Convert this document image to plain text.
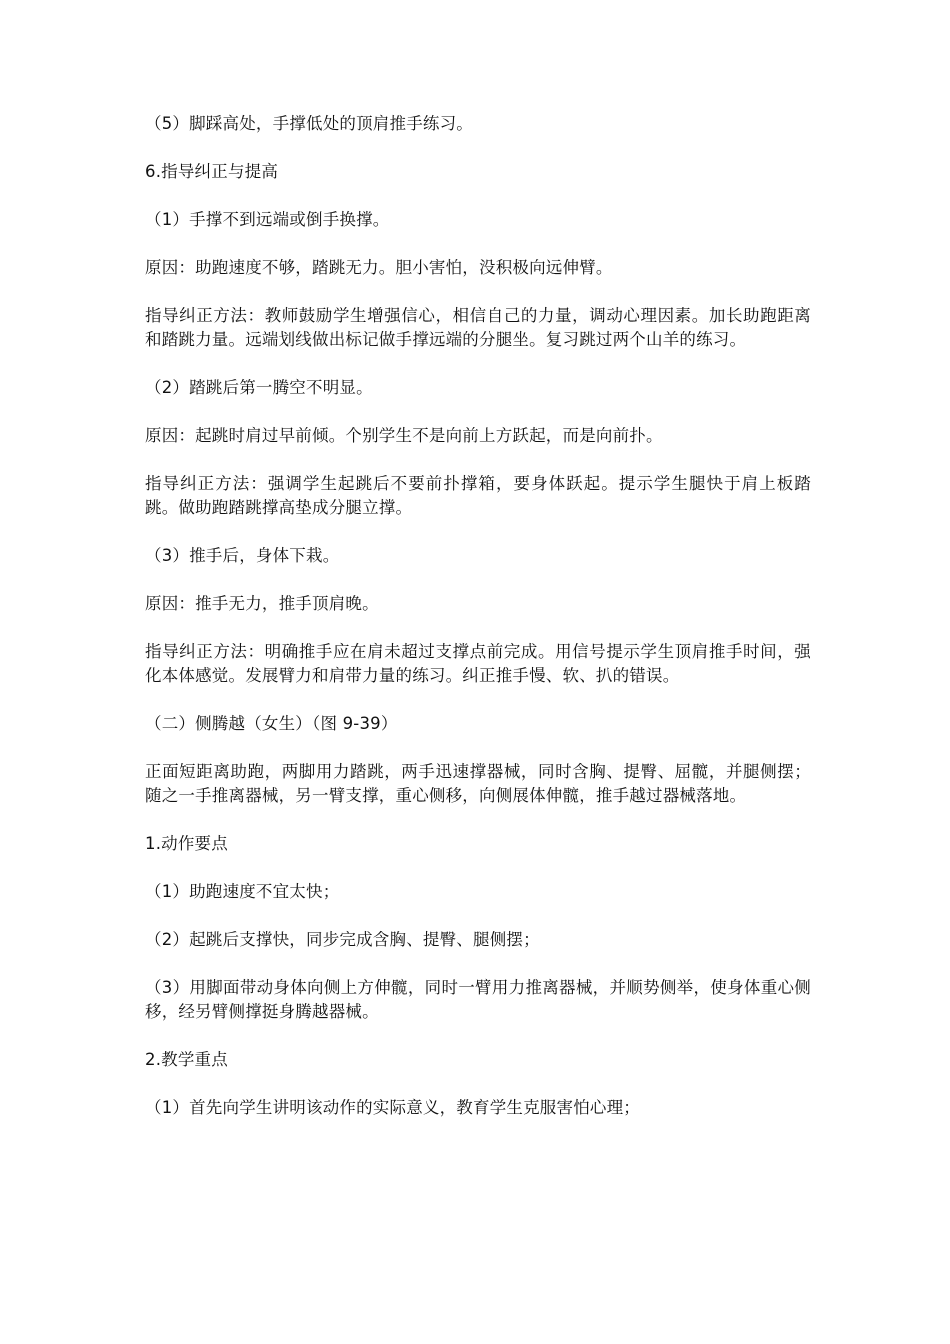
（5）脚踩高处，手撑低处的顶肩推手练习。

6.指导纠正与提高

（1）手撑不到远端或倒手换撑。

原因：助跑速度不够，踏跳无力。胆小害怕，没积极向远伸臂。

指导纠正方法：教师鼓励学生增强信心，相信自己的力量，调动心理因素。加长助跑距离和踏跳力量。远端划线做出标记做手撑远端的分腿坐。复习跳过两个山羊的练习。

（2）踏跳后第一腾空不明显。

原因：起跳时肩过早前倾。个别学生不是向前上方跃起，而是向前扑。

指导纠正方法：强调学生起跳后不要前扑撑箱，要身体跃起。提示学生腿快于肩上板踏跳。做助跑踏跳撑高垫成分腿立撑。

（3）推手后，身体下栽。

原因：推手无力，推手顶肩晚。

指导纠正方法：明确推手应在肩未超过支撑点前完成。用信号提示学生顶肩推手时间，强化本体感觉。发展臂力和肩带力量的练习。纠正推手慢、软、扒的错误。

（二）侧腾越（女生）（图 9-39）

正面短距离助跑，两脚用力踏跳，两手迅速撑器械，同时含胸、提臀、屈髋，并腿侧摆；随之一手推离器械，另一臂支撑，重心侧移，向侧展体伸髋，推手越过器械落地。

1.动作要点

（1）助跑速度不宜太快；

（2）起跳后支撑快，同步完成含胸、提臀、腿侧摆；

（3）用脚面带动身体向侧上方伸髋，同时一臂用力推离器械，并顺势侧举，使身体重心侧移，经另臂侧撑挺身腾越器械。

2.教学重点

（1）首先向学生讲明该动作的实际意义，教育学生克服害怕心理；
